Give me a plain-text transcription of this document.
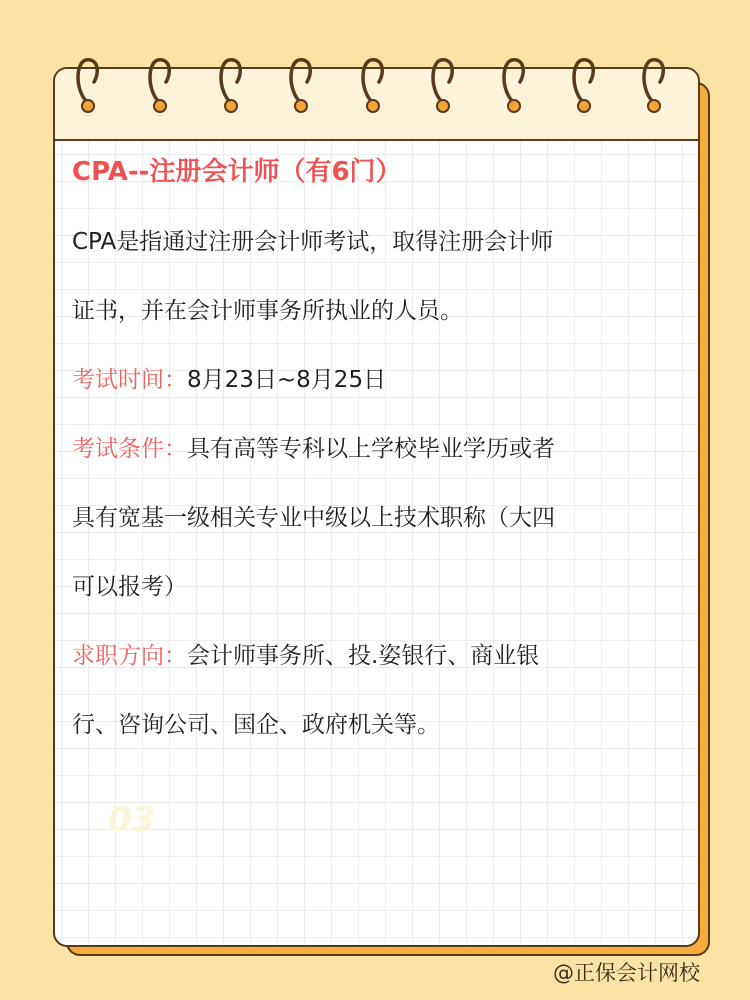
CPA--注册会计师（有6门）

CPA是指通过注册会计师考试，取得注册会计师

证书，并在会计师事务所执业的人员。

考试时间：8月23日~8月25日

考试条件：具有高等专科以上学校毕业学历或者

具有宽基一级相关专业中级以上技术职称（大四

可以报考）

求职方向：会计师事务所、投.姿银行、商业银

行、咨询公司、国企、政府机关等。

03
@正保会计网校
